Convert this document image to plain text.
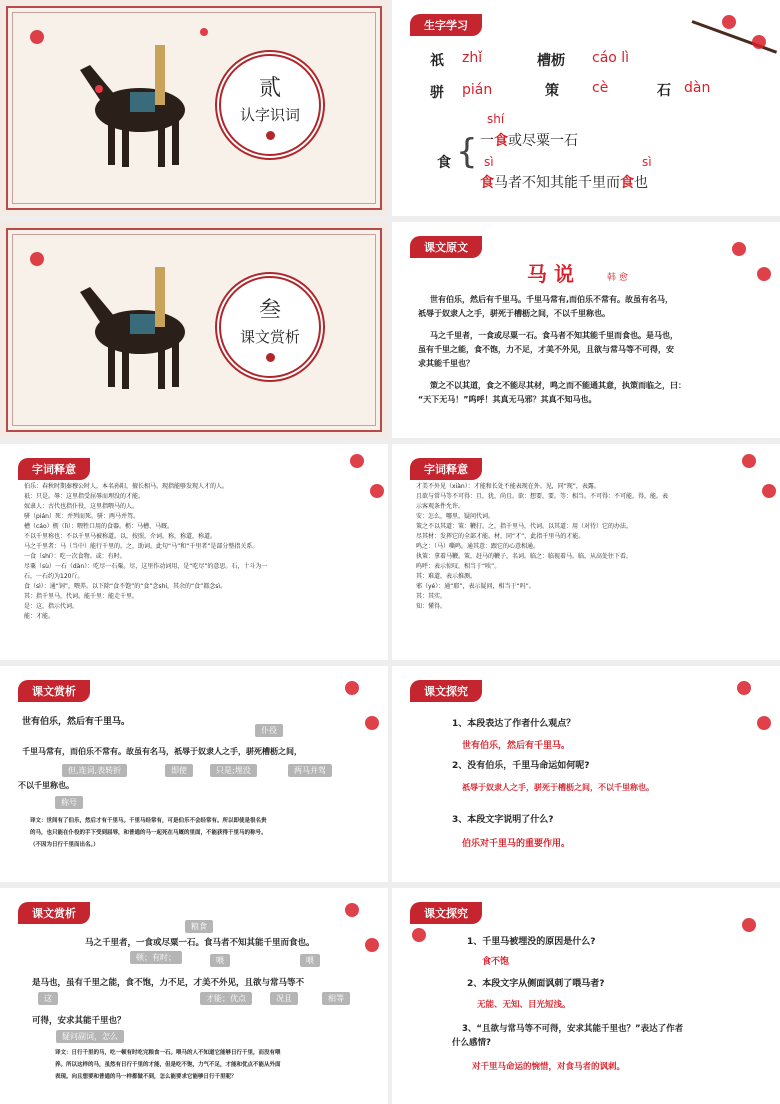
贰
认字识词
生字学习
祇 zhǐ	槽枥 cáo lì
骈 pián	策 cè	石 dàn
食 {
shí
一食或尽粟一石
sì	sì
食马者不知其能千里而食也
叁
课文赏析
课文原文
马 说	韩 愈
世有伯乐，然后有千里马。千里马常有,而伯乐不常有。故虽有名马，
祇辱于奴隶人之手，骈死于槽枥之间，不以千里称也。
马之千里者，一食或尽粟一石。食马者不知其能千里而食也。是马也，
虽有千里之能，食不饱，力不足，才美不外见，且欲与常马等不可得，安
求其能千里也？
策之不以其道，食之不能尽其材，鸣之而不能通其意，执策而临之，曰：
“天下无马！”呜呼！其真无马邪？其真不知马也。
字词释意
伯乐：春秋时期秦穆公时人，本名孙阳，擅长相马。现指能够发现人才的人。
祇：只是。辱：这里指受屈辱而埋没的才能。
奴隶人：古代也指仆役，这里指喂马的人。
骈（pián）死：并列而死。骈：两马并驾。
槽（cáo）枥（lì）：喂牲口用的食器。枥：马槽、马厩。
不以千里称也：不以千里马被称道。以，按照，介词。称，称道，称道。
马之千里者：马（当中）能行千里的。之，助词。此句“马”和“千里者”是部分整指关系。
一食（shí）：吃一次食物。或：有时。
尽粟（sù）一石（dàn）：吃尽一石粟。尽，这里作动词用，是“吃尽”的意思。石，十斗为一
石，一石约为120斤。
食（sì）：通“饲”，喂养。以下除“食不饱”的“食”念shí，其余的“食”都念sì。
其：指千里马，代词。能千里：能走千里。
是：这，指示代词。
能：才能。
字词释意
才美不外见（xiàn）：才能和长处不能表现在外。见，同“现”，表露。
且欲与常马等不可得：且，犹，尚且。欲：想要，要。等：相当。不可得：不可能，得，能。表
示客观条件允许。
安：怎么，哪里，疑问代词。
策之不以其道：策：鞭打。之，指千里马，代词。以其道：用（对待）它的办法。
尽其材：发挥它的全部才能。材，同“才”，此指千里马的才能。
鸣之：（马）嘶鸣。通其意：跟它的心意相通。
执策：拿着马鞭。策，赶马的鞭子，名词。临之：临视着马。临，从高处往下看。
呜呼：表示惊叹，相当于“唉”。
其：难道，表示推测。
邪（yé）：通“耶”，表示疑问，相当于“吗”。
其：其实。
知：懂得。
课文赏析
世有伯乐，然后有千里马。
仆役
千里马常有，而伯乐不常有。故虽有名马，祇辱于奴隶人之手，骈死槽枥之间，
但,连词,表转折	即使	只是;埋没	两马并驾
不以千里称也。
称号
译文：世间有了伯乐，然后才有千里马。千里马经常有，可是伯乐不会经常有。所以即使是很名贵
的马，也只能在仆役的手下受到屈辱，和普通的马一起死在马厩的里面，不能获得千里马的称号。
（不因为日行千里而出名。）
课文探究
1、本段表达了作者什么观点？
世有伯乐，然后有千里马。
2、没有伯乐，千里马命运如何呢?
祇辱于奴隶人之手，骈死于槽枥之间，不以千里称也。
3、本段文字说明了什么?
伯乐对千里马的重要作用。
课文赏析
粮食
马之千里者，一食或尽粟一石。食马者不知其能千里而食也。
顿；有时；	喂	喂
是马也，虽有千里之能，食不饱，力不足，才美不外见，且欲与常马等不
这	才能；优点	况且	相等
可得，安求其能千里也？
疑问副词，怎么
译文：日行千里的马，吃一顿有时吃完粮食一石。喂马的人不知道它能够日行千里，而没有喂
养。所以这样的马，虽然有日行千里的才能，但是吃不饱，力气不足，才能和优点不能从外面
表现。向且想要和普通的马一样都做不到，怎么能要求它能够日行千里呢？
课文探究
1、千里马被埋没的原因是什么?
食不饱
2、本段文字从侧面讽刺了喂马者?
无能、无知、目光短浅。
3、“且欲与常马等不可得，安求其能千里也？”表达了作者
什么感情?
对千里马命运的惋惜，对食马者的讽刺。
